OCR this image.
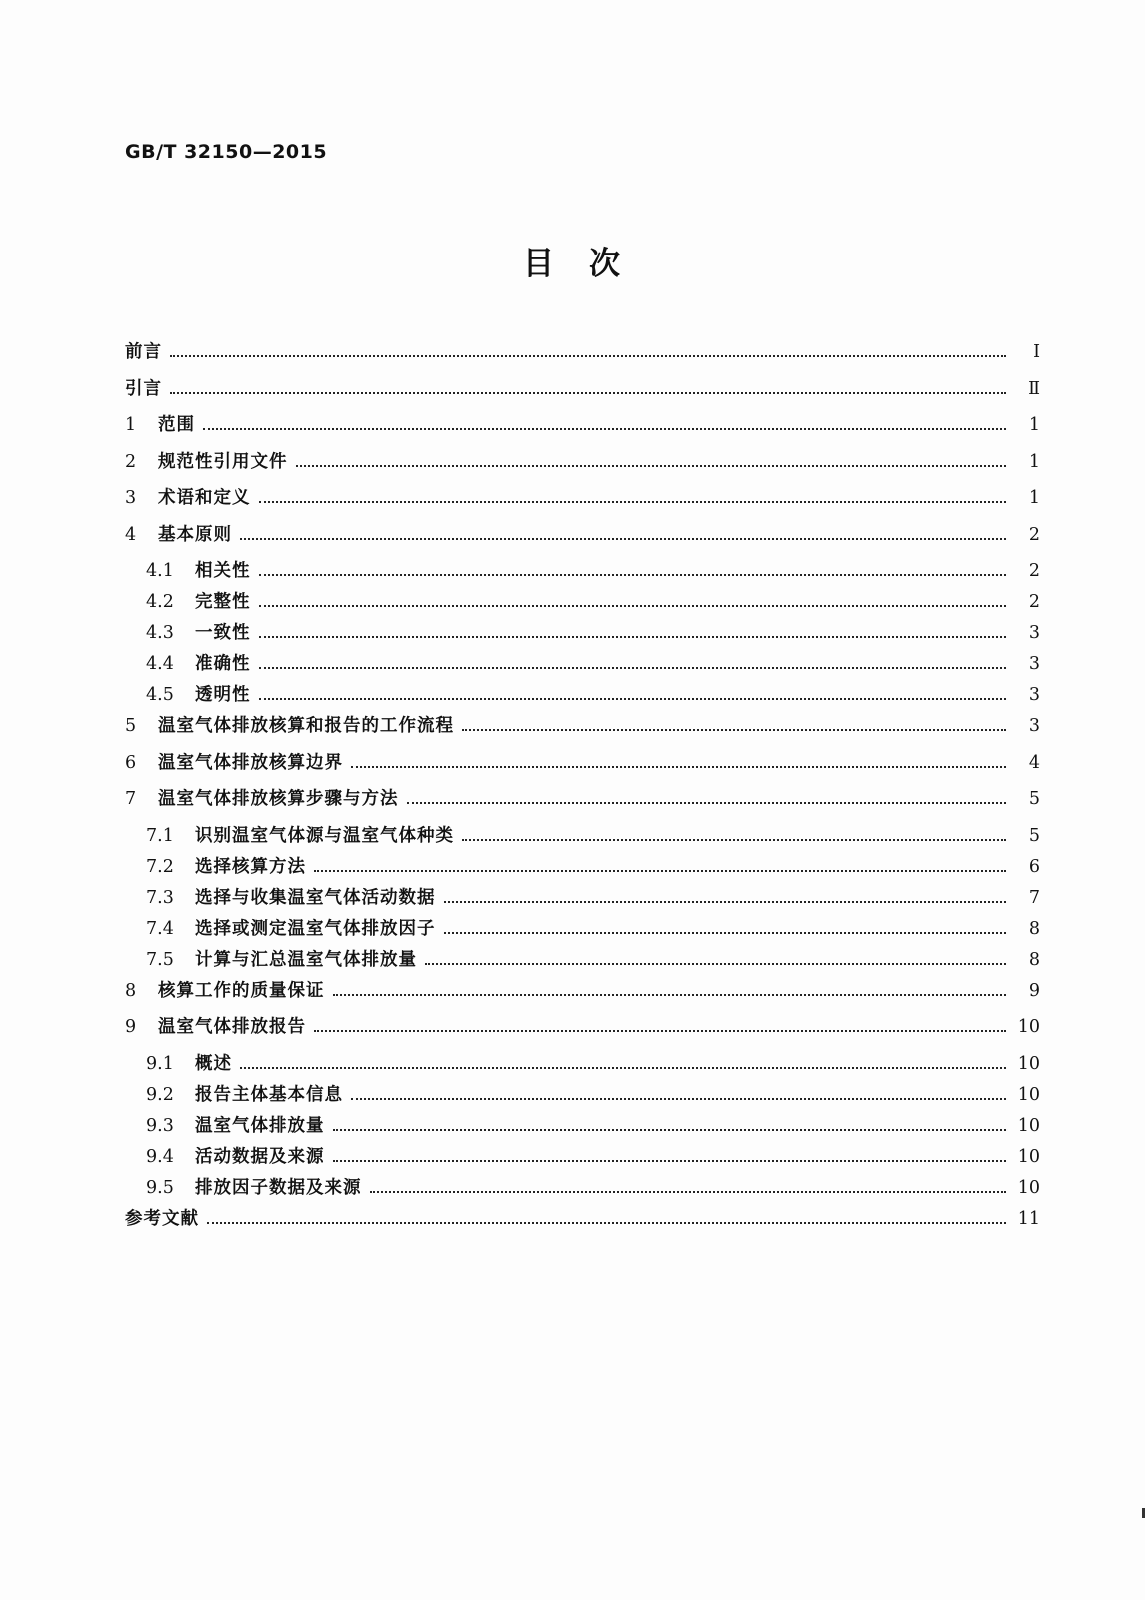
GB/T 32150—2015
目　次
前言	Ⅰ
引言	Ⅱ
1	范围	1
2	规范性引用文件	1
3	术语和定义	1
4	基本原则	2
4.1	相关性	2
4.2	完整性	2
4.3	一致性	3
4.4	准确性	3
4.5	透明性	3
5	温室气体排放核算和报告的工作流程	3
6	温室气体排放核算边界	4
7	温室气体排放核算步骤与方法	5
7.1	识别温室气体源与温室气体种类	5
7.2	选择核算方法	6
7.3	选择与收集温室气体活动数据	7
7.4	选择或测定温室气体排放因子	8
7.5	计算与汇总温室气体排放量	8
8	核算工作的质量保证	9
9	温室气体排放报告	10
9.1	概述	10
9.2	报告主体基本信息	10
9.3	温室气体排放量	10
9.4	活动数据及来源	10
9.5	排放因子数据及来源	10
参考文献	11
